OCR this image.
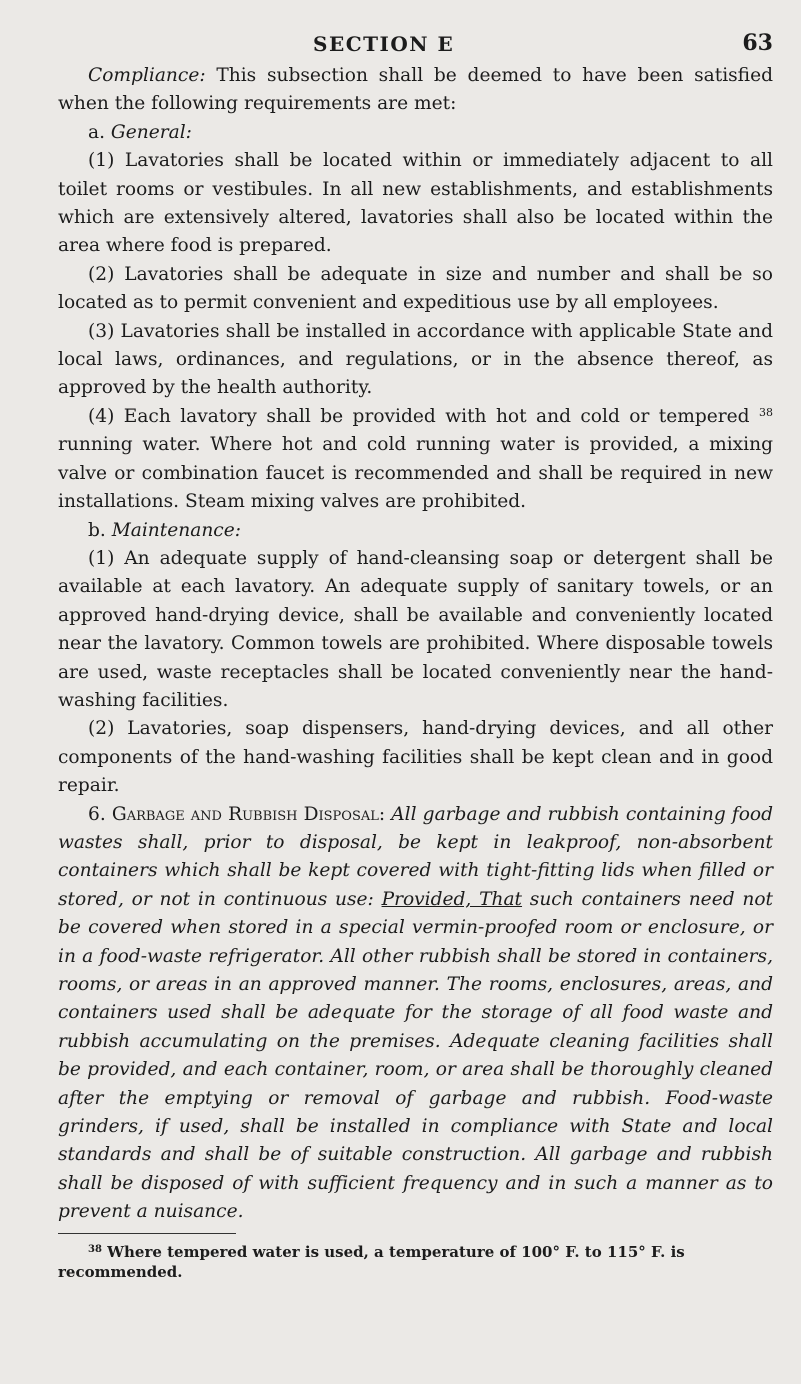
SECTION E	63

Compliance: This subsection shall be deemed to have been satisfied when the following requirements are met:

a. General:

(1) Lavatories shall be located within or immediately adjacent to all toilet rooms or vestibules. In all new establishments, and establishments which are extensively altered, lavatories shall also be located within the area where food is prepared.

(2) Lavatories shall be adequate in size and number and shall be so located as to permit convenient and expeditious use by all employees.

(3) Lavatories shall be installed in accordance with applicable State and local laws, ordinances, and regulations, or in the absence thereof, as approved by the health authority.

(4) Each lavatory shall be provided with hot and cold or tempered $^{38}$ running water. Where hot and cold running water is provided, a mixing valve or combination faucet is recommended and shall be required in new installations. Steam mixing valves are prohibited.

b. Maintenance:

(1) An adequate supply of hand-cleansing soap or detergent shall be available at each lavatory. An adequate supply of sanitary towels, or an approved hand-drying device, shall be available and conveniently located near the lavatory. Common towels are prohibited. Where disposable towels are used, waste receptacles shall be located conveniently near the hand-washing facilities.

(2) Lavatories, soap dispensers, hand-drying devices, and all other components of the hand-washing facilities shall be kept clean and in good repair.

6. Garbage and Rubbish Disposal: All garbage and rubbish containing food wastes shall, prior to disposal, be kept in leakproof, non-absorbent containers which shall be kept covered with tight-fitting lids when filled or stored, or not in continuous use: Provided, That such containers need not be covered when stored in a special vermin-proofed room or enclosure, or in a food-waste refrigerator. All other rubbish shall be stored in containers, rooms, or areas in an approved manner. The rooms, enclosures, areas, and containers used shall be adequate for the storage of all food waste and rubbish accumulating on the premises. Adequate cleaning facilities shall be provided, and each container, room, or area shall be thoroughly cleaned after the emptying or removal of garbage and rubbish. Food-waste grinders, if used, shall be installed in compliance with State and local standards and shall be of suitable construction. All garbage and rubbish shall be disposed of with sufficient frequency and in such a manner as to prevent a nuisance.

$^{38}$ Where tempered water is used, a temperature of 100° F. to 115° F. is recommended.
